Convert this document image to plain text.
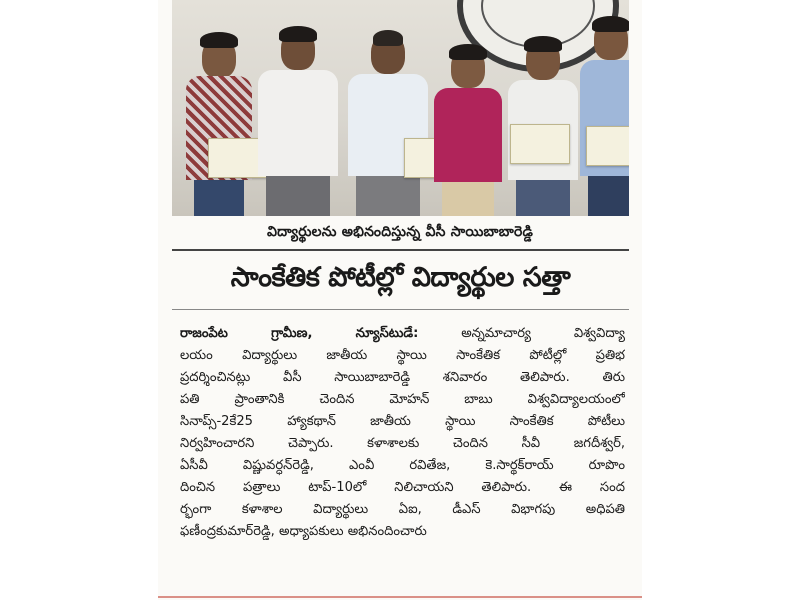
విద్యార్థులను అభినందిస్తున్న వీసీ సాయిబాబారెడ్డి
సాంకేతిక పోటీల్లో విద్యార్థుల సత్తా
రాజంపేట గ్రామీణ, న్యూస్‌టుడే:	అన్నమాచార్య విశ్వవిద్యా
లయం విద్యార్థులు జాతీయ స్థాయి సాంకేతిక పోటీల్లో ప్రతిభ
ప్రదర్శించినట్లు వీసీ సాయిబాబారెడ్డి శనివారం తెలిపారు. తిరు
పతి ప్రాంతానికి చెందిన మోహన్ బాబు విశ్వవిద్యాలయంలో
సినాప్స్-2కే25 హ్యాకథాన్ జాతీయ స్థాయి సాంకేతిక పోటీలు
నిర్వహించారని చెప్పారు. కళాశాలకు చెందిన సీవీ జగదీశ్వర్,
ఏసీవీ విష్ణువర్ధన్‌రెడ్డి, ఎంవీ రవితేజ, కె.సార్థక్‌రాయ్ రూపొం
దించిన పత్రాలు టాప్-10లో నిలిచాయని తెలిపారు. ఈ సంద
ర్భంగా కళాశాల విద్యార్థులు ఏఐ, డీఎస్ విభాగపు అధిపతి
ఫణీంద్రకుమార్‌రెడ్డి, అధ్యాపకులు అభినందించారు
